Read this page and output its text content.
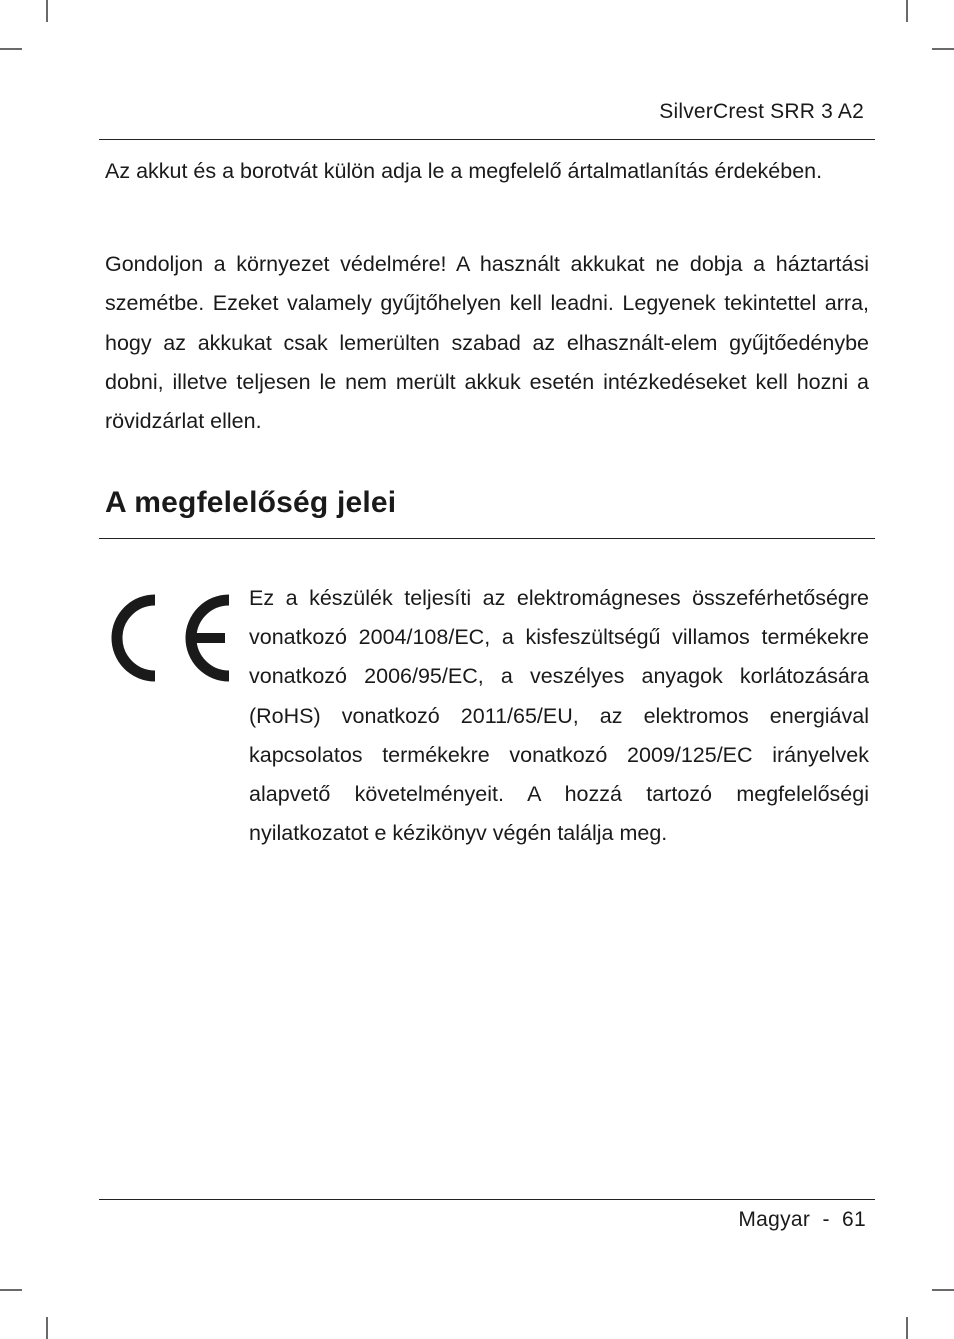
SilverCrest SRR 3 A2

Az akkut és a borotvát külön adja le a megfelelő ártalmatlanítás érdekében.

Gondoljon a környezet védelmére! A használt akkukat ne dobja a háztartási szemétbe. Ezeket valamely gyűjtőhelyen kell leadni. Legyenek tekintettel arra, hogy az akkukat csak lemerülten szabad az elhasznált-elem gyűjtőedénybe dobni, illetve teljesen le nem merült akkuk esetén intézkedéseket kell hozni a rövidzárlat ellen.

A megfelelőség jelei

Ez a készülék teljesíti az elektromágneses összeférhetőségre vonatkozó 2004/108/EC, a kisfeszültségű villamos termékekre vonatkozó 2006/95/EC, a veszélyes anyagok korlátozására (RoHS) vonatkozó 2011/65/EU, az elektromos energiával kapcsolatos termékekre vonatkozó 2009/125/EC irányelvek alapvető követelményeit. A hozzá tartozó megfelelőségi nyilatkozatot e kézikönyv végén találja meg.

Magyar - 61
